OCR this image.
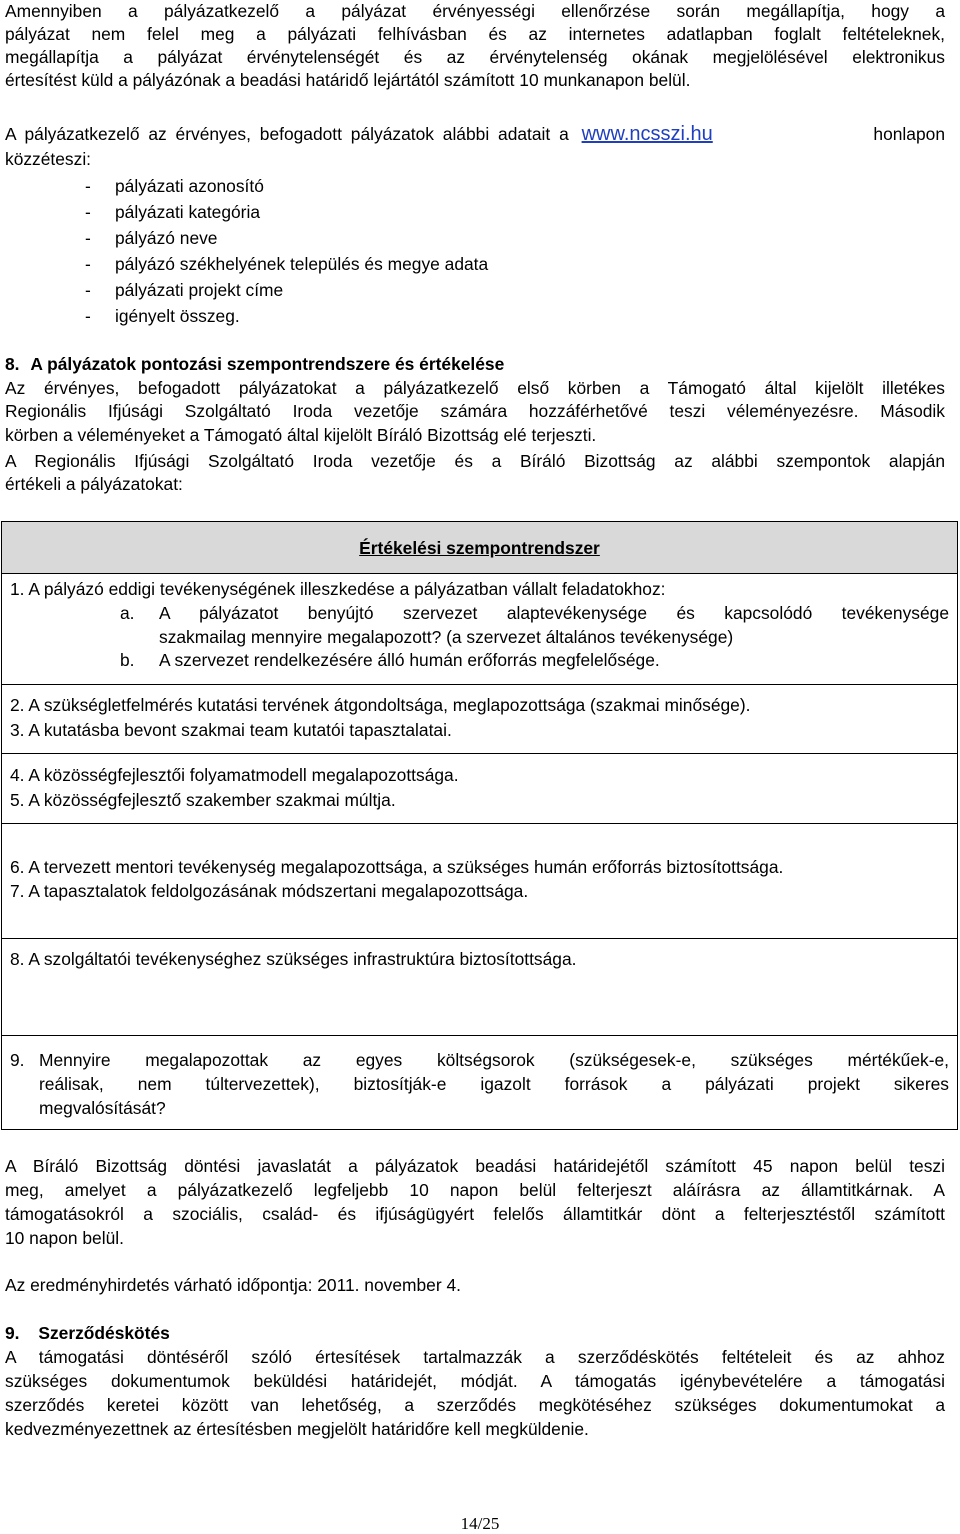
Amennyiben a pályázatkezelő a pályázat érvényességi ellenőrzése során megállapítja, hogy a
pályázat nem felel meg a pályázati felhívásban és az internetes adatlapban foglalt feltételeknek,
megállapítja a pályázat érvénytelenségét és az érvénytelenség okának megjelölésével elektronikus
értesítést küld a pályázónak a beadási határidő lejártától számított 10 munkanapon belül.
A pályázatkezelő az érvényes, befogadott pályázatok alábbi adatait a www.ncsszi.hu	honlapon
közzéteszi:
- pályázati azonosító
- pályázati kategória
- pályázó neve
- pályázó székhelyének település és megye adata
- pályázati projekt címe
- igényelt összeg.
8. A pályázatok pontozási szempontrendszere és értékelése
Az érvényes, befogadott pályázatokat a pályázatkezelő első körben a Támogató által kijelölt illetékes
Regionális Ifjúsági Szolgáltató Iroda vezetője számára hozzáférhetővé teszi véleményezésre. Második
körben a véleményeket a Támogató által kijelölt Bíráló Bizottság elé terjeszti.
A Regionális Ifjúsági Szolgáltató Iroda vezetője és a Bíráló Bizottság az alábbi szempontok alapján
értékeli a pályázatokat:
Értékelési szempontrendszer
1. A pályázó eddigi tevékenységének illeszkedése a pályázatban vállalt feladatokhoz:
a. A pályázatot benyújtó szervezet alaptevékenysége és kapcsolódó tevékenysége
szakmailag mennyire megalapozott? (a szervezet általános tevékenysége)
b. A szervezet rendelkezésére álló humán erőforrás megfelelősége.
2. A szükségletfelmérés kutatási tervének átgondoltsága, meglapozottsága (szakmai minősége).
3. A kutatásba bevont szakmai team kutatói tapasztalatai.
4. A közösségfejlesztői folyamatmodell megalapozottsága.
5. A közösségfejlesztő szakember szakmai múltja.
6. A tervezett mentori tevékenység megalapozottsága, a szükséges humán erőforrás biztosítottsága.
7. A tapasztalatok feldolgozásának módszertani megalapozottsága.
8. A szolgáltatói tevékenységhez szükséges infrastruktúra biztosítottsága.
9. Mennyire megalapozottak az egyes költségsorok (szükségesek-e, szükséges mértékűek-e,
reálisak, nem túltervezettek), biztosítják-e igazolt források a pályázati projekt sikeres
megvalósítását?
A Bíráló Bizottság döntési javaslatát a pályázatok beadási határidejétől számított 45 napon belül teszi
meg, amelyet a pályázatkezelő legfeljebb 10 napon belül felterjeszt aláírásra az államtitkárnak. A
támogatásokról a szociális, család- és ifjúságügyért felelős államtitkár dönt a felterjesztéstől számított
10 napon belül.
Az eredményhirdetés várható időpontja: 2011. november 4.
9. Szerződéskötés
A támogatási döntéséről szóló értesítések tartalmazzák a szerződéskötés feltételeit és az ahhoz
szükséges dokumentumok beküldési határidejét, módját. A támogatás igénybevételére a támogatási
szerződés keretei között van lehetőség, a szerződés megkötéséhez szükséges dokumentumokat a
kedvezményezettnek az értesítésben megjelölt határidőre kell megküldenie.
14/25
